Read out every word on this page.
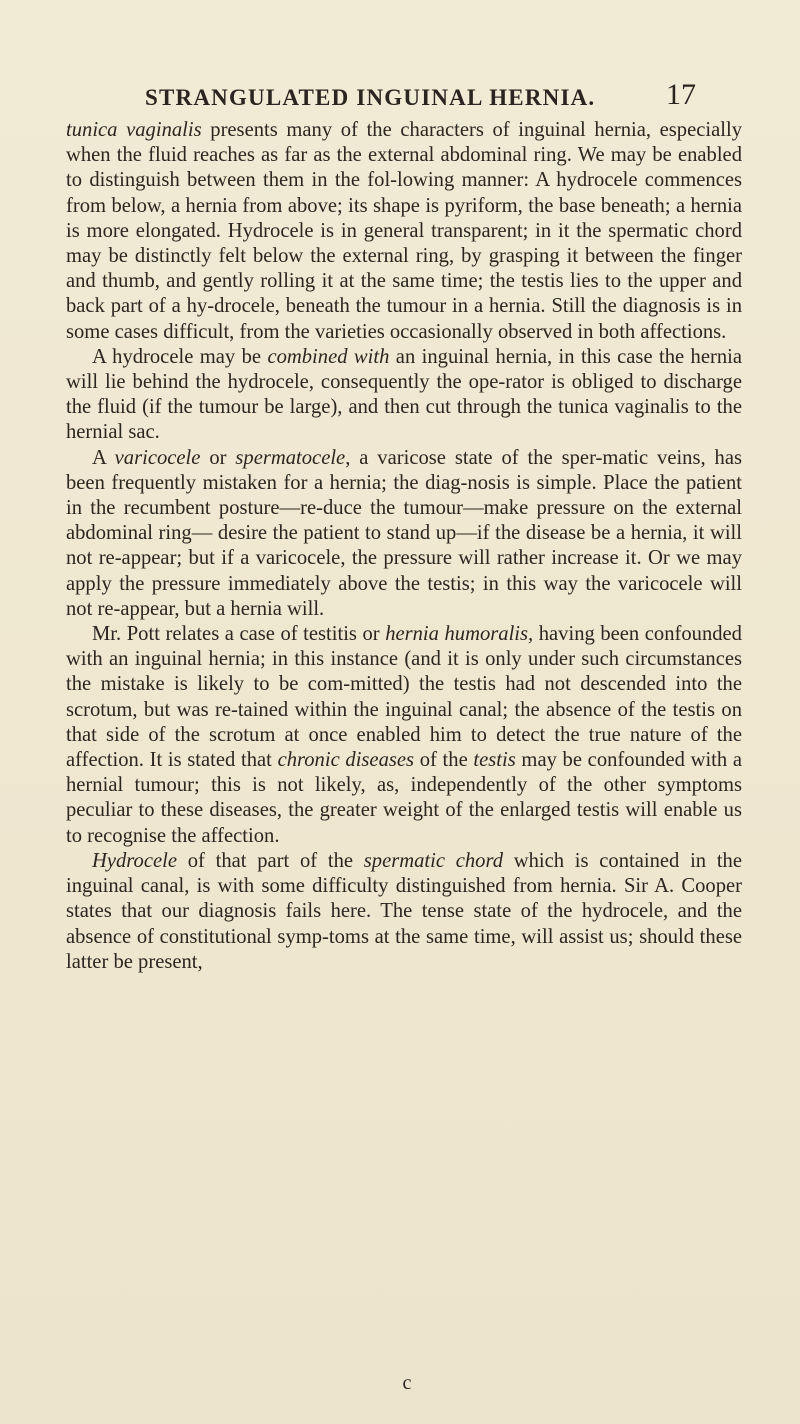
STRANGULATED INGUINAL HERNIA.	17

tunica vaginalis presents many of the characters of inguinal hernia, especially when the fluid reaches as far as the external abdominal ring. We may be enabled to distinguish between them in the fol-lowing manner: A hydrocele commences from below, a hernia from above; its shape is pyriform, the base beneath; a hernia is more elongated. Hydrocele is in general transparent; in it the spermatic chord may be distinctly felt below the external ring, by grasping it between the finger and thumb, and gently rolling it at the same time; the testis lies to the upper and back part of a hy-drocele, beneath the tumour in a hernia. Still the diagnosis is in some cases difficult, from the varieties occasionally observed in both affections.

A hydrocele may be combined with an inguinal hernia, in this case the hernia will lie behind the hydrocele, consequently the ope-rator is obliged to discharge the fluid (if the tumour be large), and then cut through the tunica vaginalis to the hernial sac.

A varicocele or spermatocele, a varicose state of the sper-matic veins, has been frequently mistaken for a hernia; the diag-nosis is simple. Place the patient in the recumbent posture—re-duce the tumour—make pressure on the external abdominal ring— desire the patient to stand up—if the disease be a hernia, it will not re-appear; but if a varicocele, the pressure will rather increase it. Or we may apply the pressure immediately above the testis; in this way the varicocele will not re-appear, but a hernia will.

Mr. Pott relates a case of testitis or hernia humoralis, having been confounded with an inguinal hernia; in this instance (and it is only under such circumstances the mistake is likely to be com-mitted) the testis had not descended into the scrotum, but was re-tained within the inguinal canal; the absence of the testis on that side of the scrotum at once enabled him to detect the true nature of the affection. It is stated that chronic diseases of the testis may be confounded with a hernial tumour; this is not likely, as, independently of the other symptoms peculiar to these diseases, the greater weight of the enlarged testis will enable us to recognise the affection.

Hydrocele of that part of the spermatic chord which is contained in the inguinal canal, is with some difficulty distinguished from hernia. Sir A. Cooper states that our diagnosis fails here. The tense state of the hydrocele, and the absence of constitutional symp-toms at the same time, will assist us; should these latter be present,

c
